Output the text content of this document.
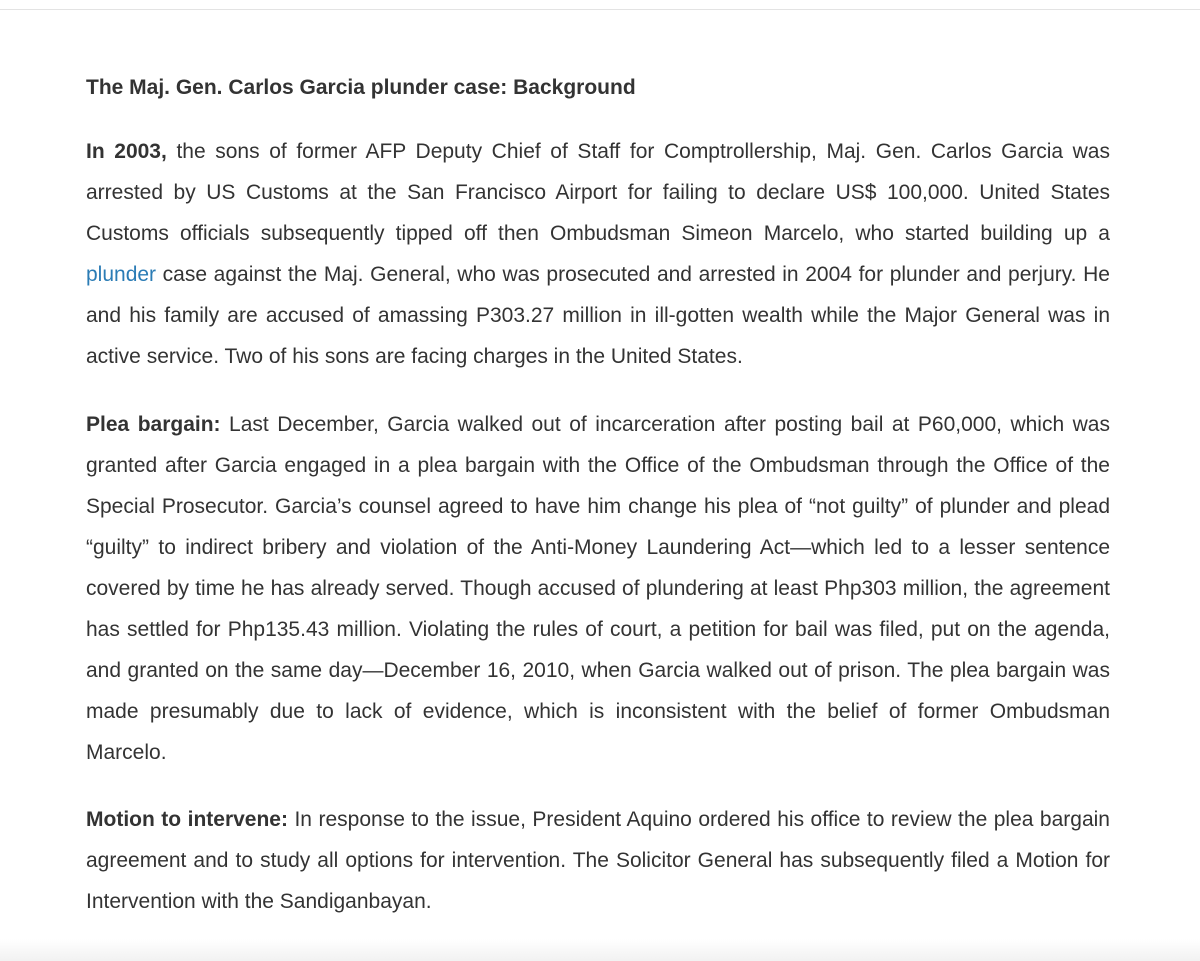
The Maj. Gen. Carlos Garcia plunder case: Background

In 2003, the sons of former AFP Deputy Chief of Staff for Comptrollership, Maj. Gen. Carlos Garcia was arrested by US Customs at the San Francisco Airport for failing to declare US$ 100,000. United States Customs officials subsequently tipped off then Ombudsman Simeon Marcelo, who started building up a plunder case against the Maj. General, who was prosecuted and arrested in 2004 for plunder and perjury. He and his family are accused of amassing P303.27 million in ill-gotten wealth while the Major General was in active service. Two of his sons are facing charges in the United States.

Plea bargain: Last December, Garcia walked out of incarceration after posting bail at P60,000, which was granted after Garcia engaged in a plea bargain with the Office of the Ombudsman through the Office of the Special Prosecutor. Garcia’s counsel agreed to have him change his plea of “not guilty” of plunder and plead “guilty” to indirect bribery and violation of the Anti-Money Laundering Act—which led to a lesser sentence covered by time he has already served. Though accused of plundering at least Php303 million, the agreement has settled for Php135.43 million. Violating the rules of court, a petition for bail was filed, put on the agenda, and granted on the same day—December 16, 2010, when Garcia walked out of prison. The plea bargain was made presumably due to lack of evidence, which is inconsistent with the belief of former Ombudsman Marcelo.

Motion to intervene: In response to the issue, President Aquino ordered his office to review the plea bargain agreement and to study all options for intervention. The Solicitor General has subsequently filed a Motion for Intervention with the Sandiganbayan.
